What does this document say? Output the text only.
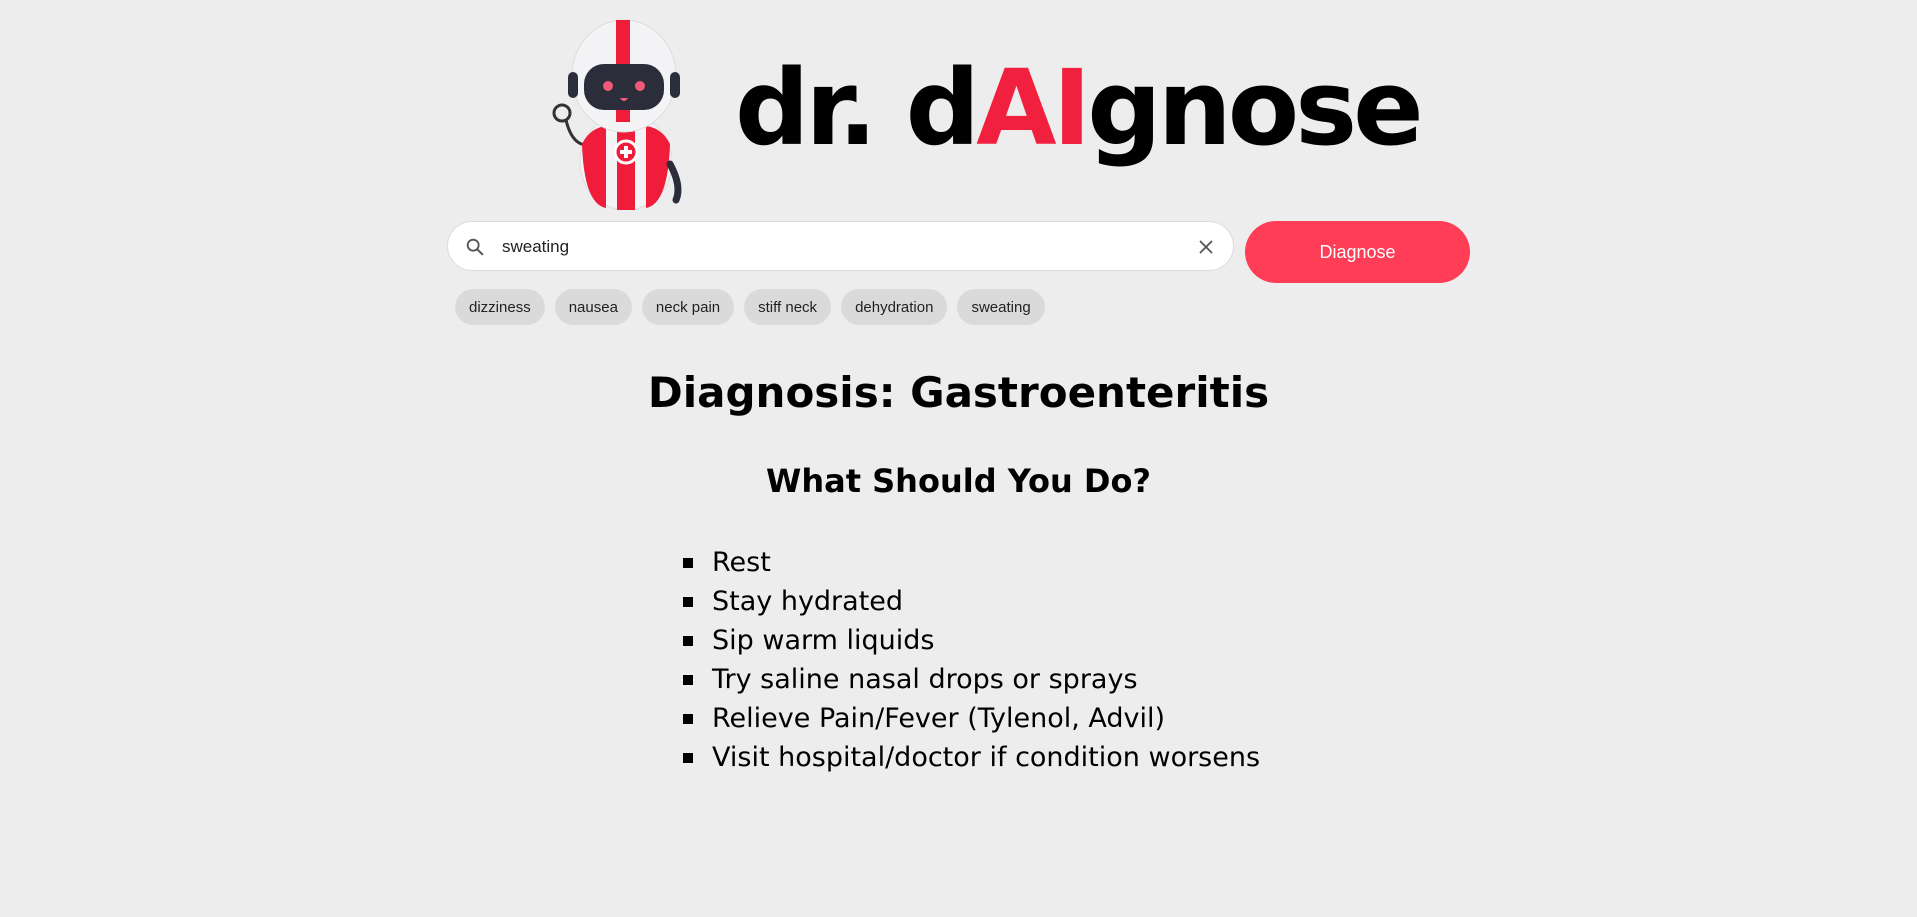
dr. dAIgnose
sweating
Diagnose
dizziness	nausea	neck pain	stiff neck	dehydration	sweating
Diagnosis: Gastroenteritis
What Should You Do?
Rest
Stay hydrated
Sip warm liquids
Try saline nasal drops or sprays
Relieve Pain/Fever (Tylenol, Advil)
Visit hospital/doctor if condition worsens
